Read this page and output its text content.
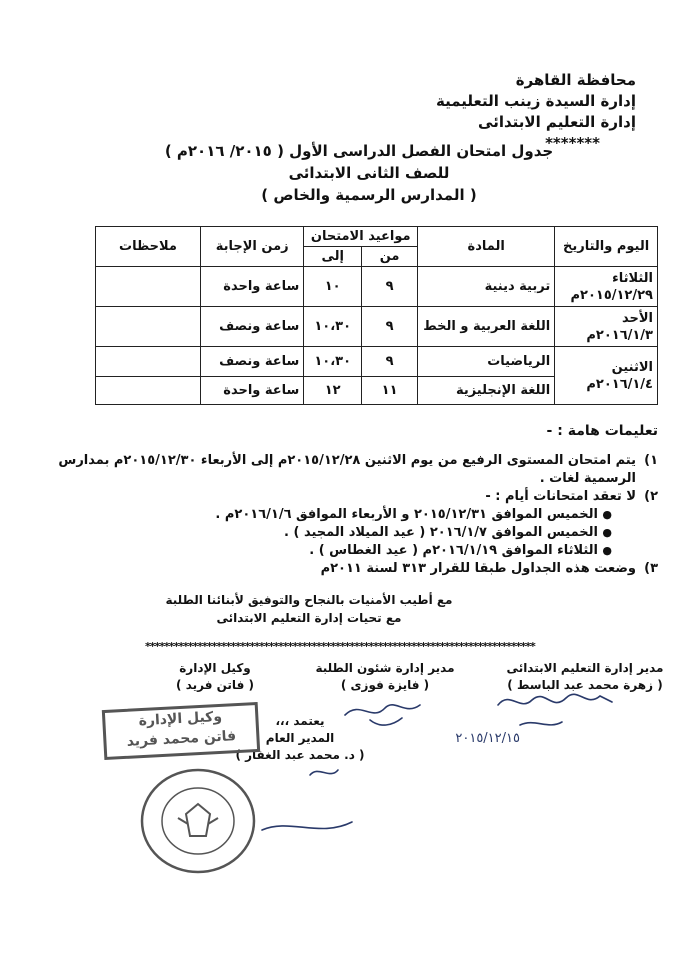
محافظة القاهرة
إدارة السيدة زينب التعليمية
إدارة التعليم الابتدائى
*******
جدول امتحان الفصل الدراسى الأول ( ٢٠١٥/ ٢٠١٦م )
للصف الثانى الابتدائى
( المدارس الرسمية والخاص )
اليوم والتاريخ	المادة	مواعيد الامتحان		زمن الإجابة	ملاحظات
		من	إلى		

الثلاثاء
٢٠١٥/١٢/٢٩م	تربية دينية	٩	١٠	ساعة واحدة	

الأحد
٢٠١٦/١/٣م	اللغة العربية و الخط	٩	١٠،٣٠	ساعة ونصف	

الاثنين
٢٠١٦/١/٤م	الرياضيات	٩	١٠،٣٠	ساعة ونصف	
	اللغة الإنجليزية	١١	١٢	ساعة واحدة	
تعليمات هامة : -
١)
يتم امتحان المستوى الرفيع من يوم الاثنين ٢٠١٥/١٢/٢٨م إلى الأربعاء ٢٠١٥/١٢/٣٠م بمدارس الرسمية لغات .
٢)
لا تعقد امتحانات أيام : -
●
الخميس الموافق ٢٠١٥/١٢/٣١ و الأربعاء الموافق ٢٠١٦/١/٦م .
●
الخميس الموافق ٢٠١٦/١/٧ ( عيد الميلاد المجيد ) .
●
الثلاثاء الموافق ٢٠١٦/١/١٩م ( عيد الغطاس ) .
٣)
وضعت هذه الجداول طبقا للقرار ٣١٣ لسنة ٢٠١١م
مع أطيب الأمنيات بالنجاح والتوفيق لأبنائنا الطلبة
مع تحيات إدارة التعليم الابتدائى
**********************************************************************************
مدير إدارة التعليم الابتدائى
( زهرة محمد عبد الباسط )
مدير إدارة شئون الطلبة
( فايزة فوزى )
وكيل الإدارة
( فاتن فريد )
يعتمد ،،،
المدير العام
( د. محمد عبد الغفار )
٢٠١٥/١٢/١٥
وكيل الإدارة
فاتن محمد فريد
